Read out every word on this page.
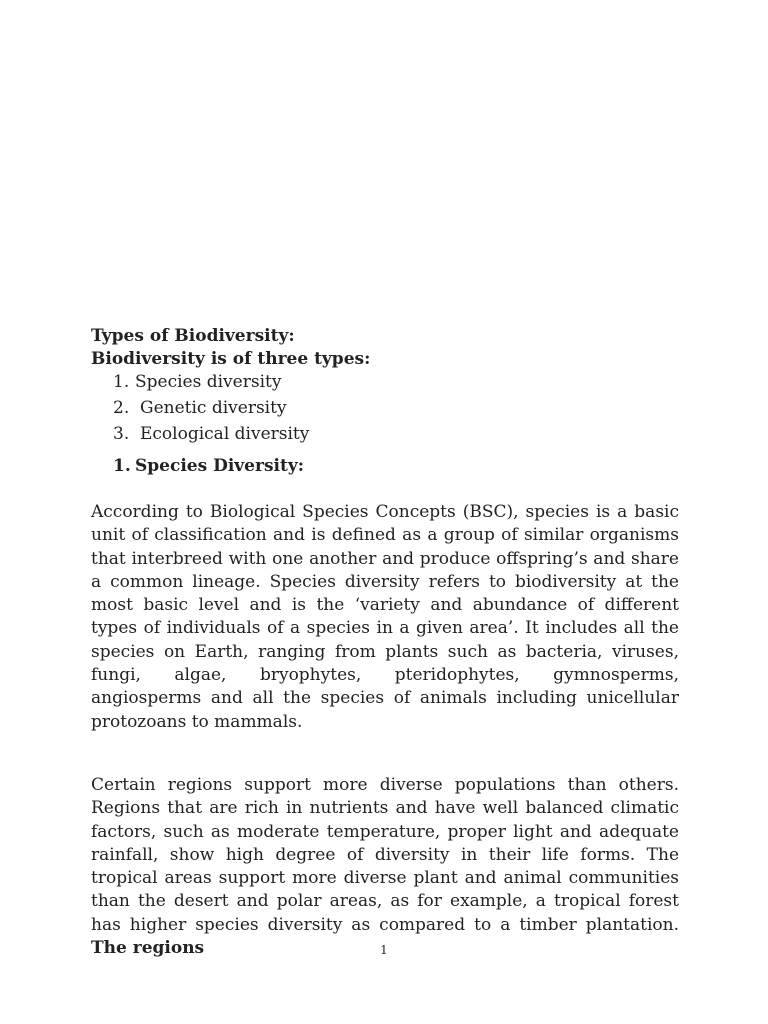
Types of Biodiversity:

Biodiversity is of three types:

1. Species diversity
2. Genetic diversity
3. Ecological diversity
1. Species Diversity:

According to Biological Species Concepts (BSC), species is a basic unit of classification and is defined as a group of similar organisms that interbreed with one another and produce offspring’s and share a common lineage. Species diversity refers to biodiversity at the most basic level and is the ‘variety and abundance of different types of individuals of a species in a given area’. It includes all the species on Earth, ranging from plants such as bacteria, viruses, fungi, algae, bryophytes, pteridophytes, gymnosperms, angiosperms and all the species of animals including unicellular protozoans to mammals.

Certain regions support more diverse populations than others. Regions that are rich in nutrients and have well balanced climatic factors, such as moderate temperature, proper light and adequate rainfall, show high degree of diversity in their life forms. The tropical areas support more diverse plant and animal communities than the desert and polar areas, as for example, a tropical forest has higher species diversity as compared to a timber plantation. The regions	1
